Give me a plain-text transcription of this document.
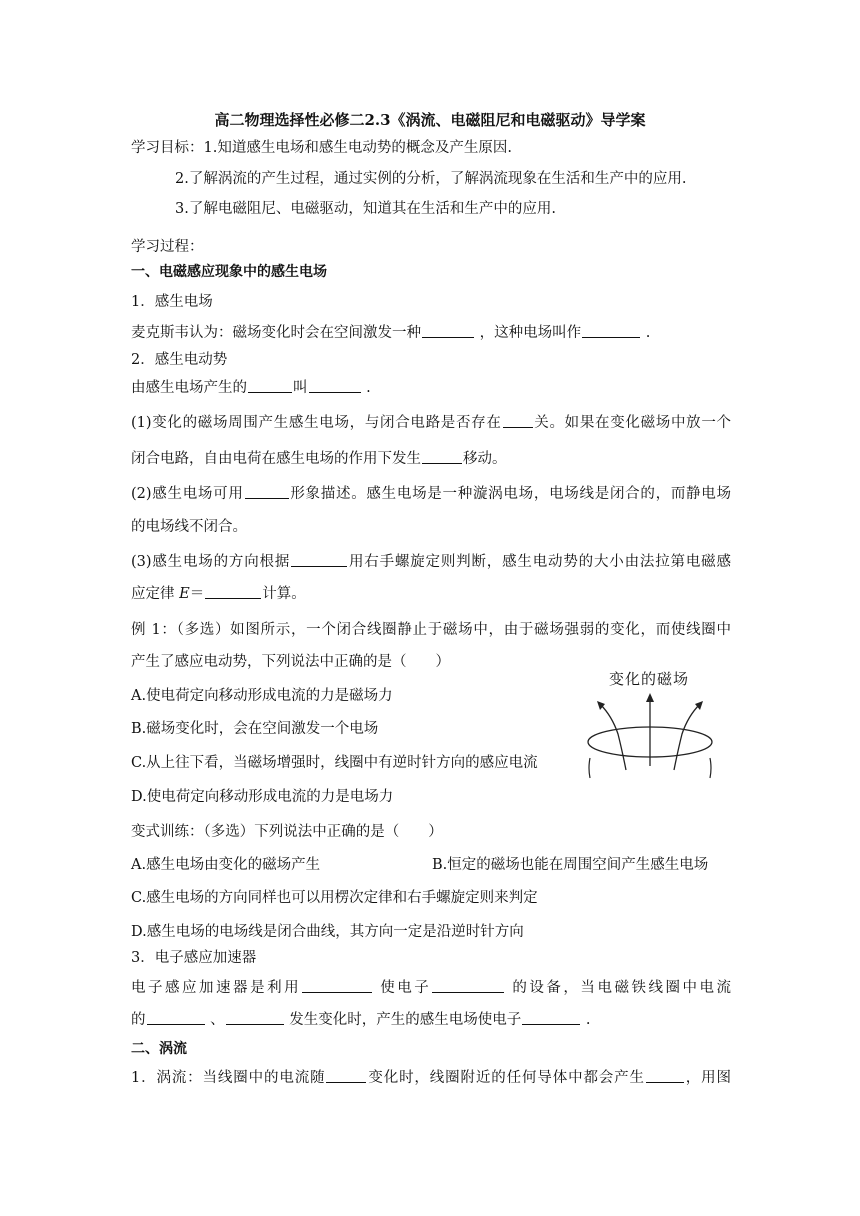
高二物理选择性必修二2.3《涡流、电磁阻尼和电磁驱动》导学案
学习目标：1.知道感生电场和感生电动势的概念及产生原因.
2.了解涡流的产生过程，通过实例的分析，了解涡流现象在生活和生产中的应用.
3.了解电磁阻尼、电磁驱动，知道其在生活和生产中的应用.
学习过程：
一、电磁感应现象中的感生电场
1．感生电场
麦克斯韦认为：磁场变化时会在空间激发一种	，这种电场叫作	.
2．感生电动势
由感生电场产生的	叫	.
(1)变化的磁场周围产生感生电场，与闭合电路是否存在 关。如果在变化磁场中放一个
闭合电路，自由电荷在感生电场的作用下发生	移动。
(2)感生电场可用	形象描述。感生电场是一种漩涡电场，电场线是闭合的，而静电场
的电场线不闭合。
(3)感生电场的方向根据	用右手螺旋定则判断，感生电动势的大小由法拉第电磁感
应定律 E＝	计算。
例 1：（多选）如图所示，一个闭合线圈静止于磁场中，由于磁场强弱的变化，而使线圈中
产生了感应电动势，下列说法中正确的是（　　）
A.使电荷定向移动形成电流的力是磁场力
B.磁场变化时，会在空间激发一个电场
C.从上往下看，当磁场增强时，线圈中有逆时针方向的感应电流
D.使电荷定向移动形成电流的力是电场力
变化的磁场
变式训练：（多选）下列说法中正确的是（　　）
A.感生电场由变化的磁场产生	B.恒定的磁场也能在周围空间产生感生电场
C.感生电场的方向同样也可以用楞次定律和右手螺旋定则来判定
D.感生电场的电场线是闭合曲线，其方向一定是沿逆时针方向
3．电子感应加速器
电子感应加速器是利用	使电子	的设备，当电磁铁线圈中电流
的	、	发生变化时，产生的感生电场使电子	.
二、涡流
1．涡流：当线圈中的电流随	变化时，线圈附近的任何导体中都会产生	，用图
